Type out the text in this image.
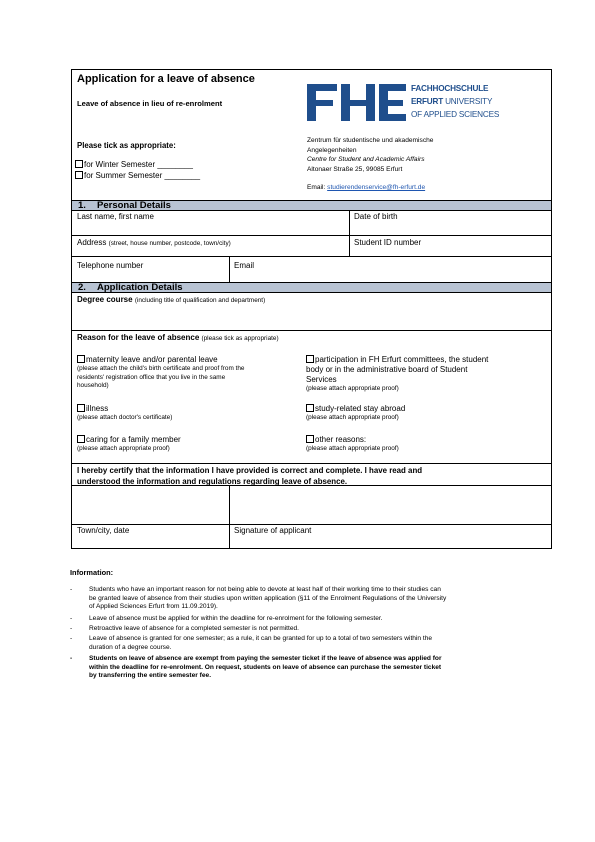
Application for a leave of absence
Leave of absence in lieu of re-enrolment
Please tick as appropriate:
for Winter Semester ________
for Summer Semester ________
FACHHOCHSCHULE
ERFURT UNIVERSITY
OF APPLIED SCIENCES
Zentrum für studentische und akademische
Angelegenheiten
Centre for Student and Academic Affairs
Altonaer Straße 25, 99085 Erfurt
Email: studierendenservice@fh-erfurt.de
1. Personal Details
Last name, first name	Date of birth
Address (street, house number, postcode, town/city)	Student ID number
Telephone number	Email
2. Application Details
Degree course (including title of qualification and department)
Reason for the leave of absence (please tick as appropriate)
maternity leave and/or parental leave
(please attach the child's birth certificate and proof from the
residents' registration office that you live in the same
household)
illness
(please attach doctor's certificate)
caring for a family member
(please attach appropriate proof)
participation in FH Erfurt committees, the student
body or in the administrative board of Student
Services
(please attach appropriate proof)
study-related stay abroad
(please attach appropriate proof)
other reasons:
(please attach appropriate proof)
I hereby certify that the information I have provided is correct and complete. I have read and
understood the information and regulations regarding leave of absence.
Town/city, date	Signature of applicant
Information:
-	Students who have an important reason for not being able to devote at least half of their working time to their studies can
be granted leave of absence from their studies upon written application (§11 of the Enrolment Regulations of the University
of Applied Sciences Erfurt from 11.09.2019).
-	Leave of absence must be applied for within the deadline for re-enrolment for the following semester.
-	Retroactive leave of absence for a completed semester is not permitted.
-	Leave of absence is granted for one semester; as a rule, it can be granted for up to a total of two semesters within the
duration of a degree course.
-	Students on leave of absence are exempt from paying the semester ticket if the leave of absence was applied for
within the deadline for re-enrolment. On request, students on leave of absence can purchase the semester ticket
by transferring the entire semester fee.
